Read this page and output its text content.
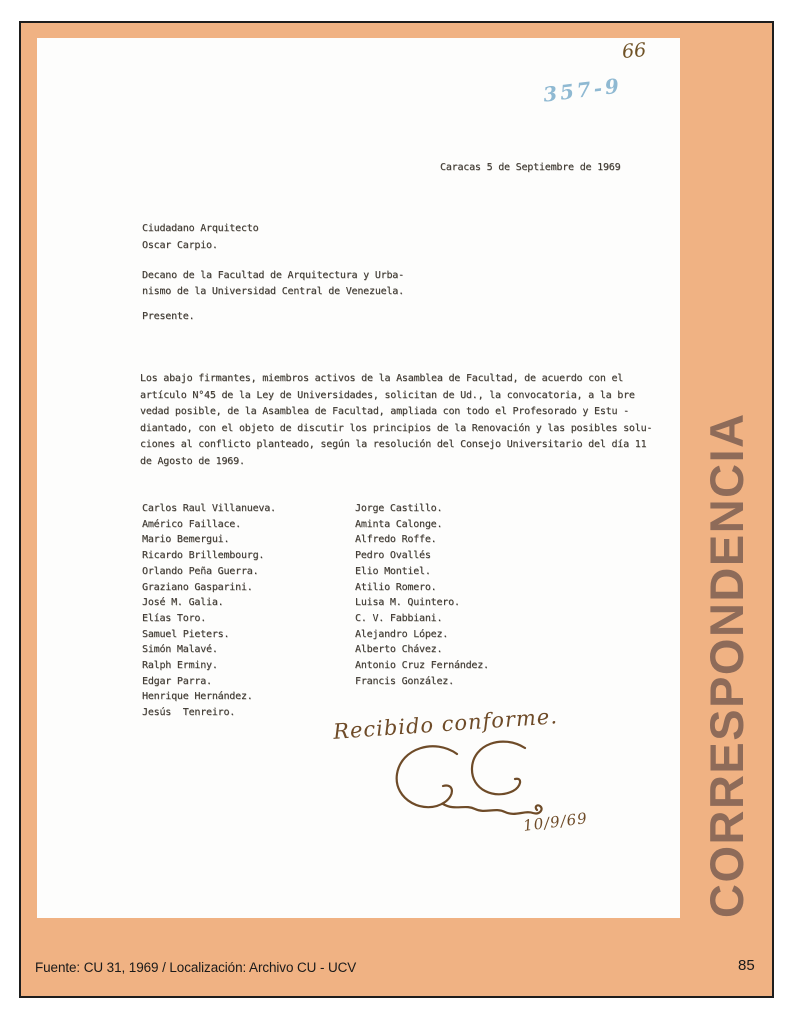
66
357-9
Caracas 5 de Septiembre de 1969
Ciudadano Arquitecto
Oscar Carpio.
Decano de la Facultad de Arquitectura y Urba-
nismo de la Universidad Central de Venezuela.
Presente.
Los abajo firmantes, miembros activos de la Asamblea de Facultad, de acuerdo con el
artículo N°45 de la Ley de Universidades, solicitan de Ud., la convocatoria, a la bre
vedad posible, de la Asamblea de Facultad, ampliada con todo el Profesorado y Estu -
diantado, con el objeto de discutir los principios de la Renovación y las posibles solu-
ciones al conflicto planteado, según la resolución del Consejo Universitario del día 11
de Agosto de 1969.
Carlos Raul Villanueva.
Américo Faillace.
Mario Bemergui.
Ricardo Brillembourg.
Orlando Peña Guerra.
Graziano Gasparini.
José M. Galia.
Elías Toro.
Samuel Pieters.
Simón Malavé.
Ralph Erminy.
Edgar Parra.
Henrique Hernández.
Jesús  Tenreiro.
Jorge Castillo.
Aminta Calonge.
Alfredo Roffe.
Pedro Ovallés
Elio Montiel.
Atilio Romero.
Luisa M. Quintero.
C. V. Fabbiani.
Alejandro López.
Alberto Chávez.
Antonio Cruz Fernández.
Francis González.
Recibido conforme.
10/9/69 CORRESPONDENCIA
Fuente: CU 31, 1969 / Localización: Archivo CU - UCV	85
